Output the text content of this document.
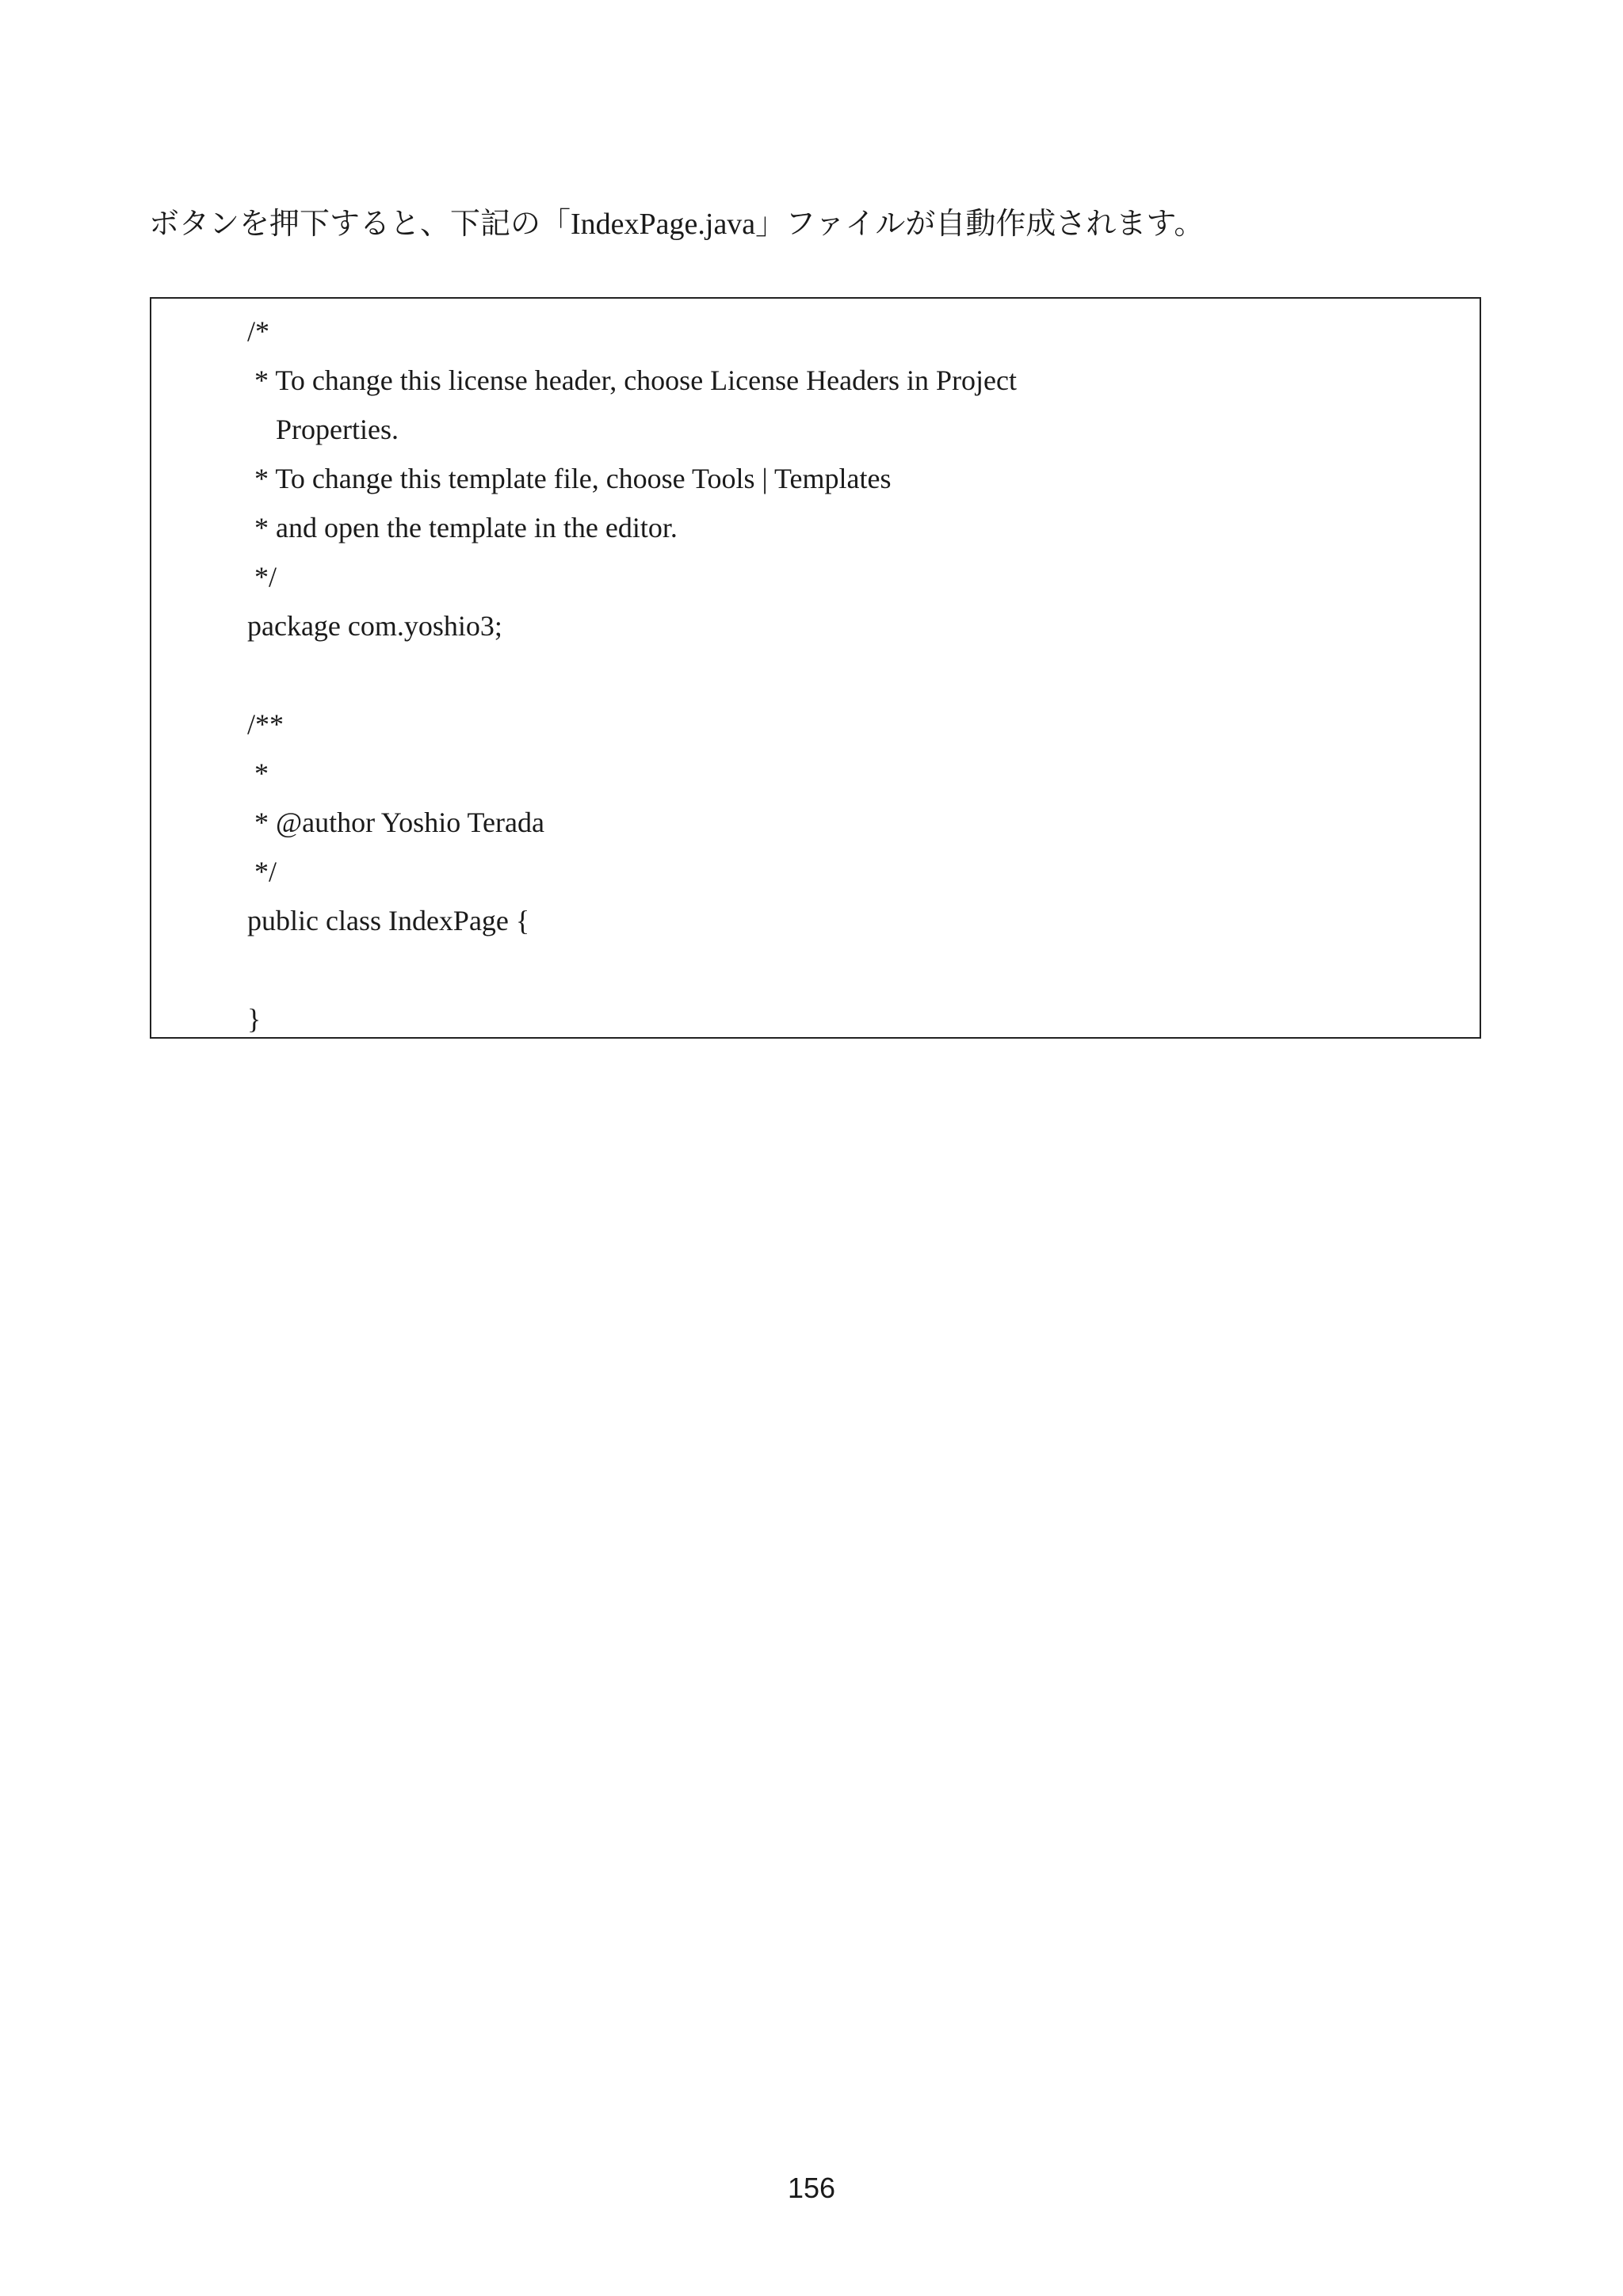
ボタンを押下すると、下記の「IndexPage.java」ファイルが自動作成されます。

/*
* To change this license header, choose License Headers in Project
Properties.
* To change this template file, choose Tools | Templates
* and open the template in the editor.
*/
package com.yoshio3;
/**
*
* @author Yoshio Terada
*/
public class IndexPage {
}
156
